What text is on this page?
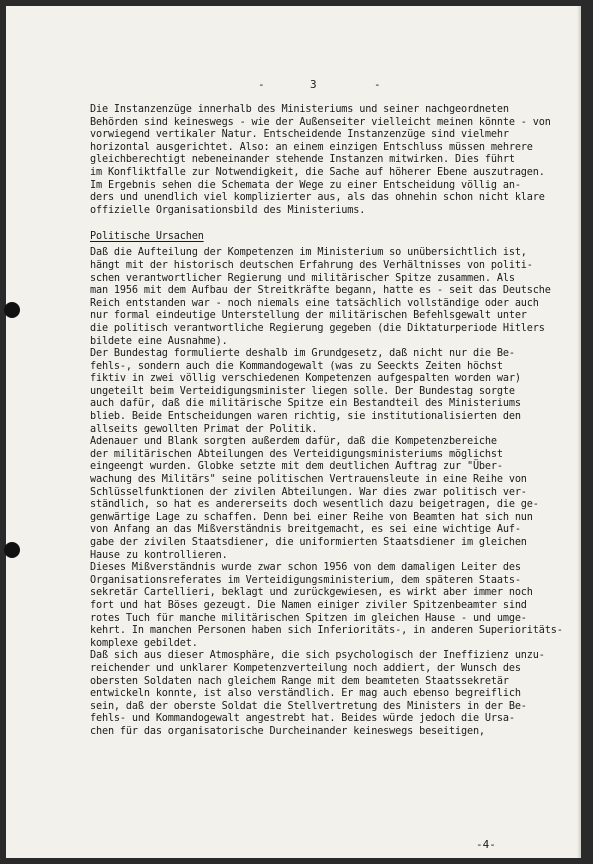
-	3	-
Die Instanzenzüge innerhalb des Ministeriums und seiner nachgeordneten
Behörden sind keineswegs - wie der Außenseiter vielleicht meinen könnte - von
vorwiegend vertikaler Natur. Entscheidende Instanzenzüge sind vielmehr
horizontal ausgerichtet. Also: an einem einzigen Entschluss müssen mehrere
gleichberechtigt nebeneinander stehende Instanzen mitwirken. Dies führt
im Konfliktfalle zur Notwendigkeit, die Sache auf höherer Ebene auszutragen.
Im Ergebnis sehen die Schemata der Wege zu einer Entscheidung völlig an-
ders und unendlich viel komplizierter aus, als das ohnehin schon nicht klare
offizielle Organisationsbild des Ministeriums.
Politische Ursachen
Daß die Aufteilung der Kompetenzen im Ministerium so unübersichtlich ist,
hängt mit der historisch deutschen Erfahrung des Verhältnisses von politi-
schen verantwortlicher Regierung und militärischer Spitze zusammen. Als
man 1956 mit dem Aufbau der Streitkräfte begann, hatte es - seit das Deutsche
Reich entstanden war - noch niemals eine tatsächlich vollständige oder auch
nur formal eindeutige Unterstellung der militärischen Befehlsgewalt unter
die politisch verantwortliche Regierung gegeben (die Diktaturperiode Hitlers
bildete eine Ausnahme).
Der Bundestag formulierte deshalb im Grundgesetz, daß nicht nur die Be-
fehls-, sondern auch die Kommandogewalt (was zu Seeckts Zeiten höchst
fiktiv in zwei völlig verschiedenen Kompetenzen aufgespalten worden war)
ungeteilt beim Verteidigungsminister liegen solle. Der Bundestag sorgte
auch dafür, daß die militärische Spitze ein Bestandteil des Ministeriums
blieb. Beide Entscheidungen waren richtig, sie institutionalisierten den
allseits gewollten Primat der Politik.
Adenauer und Blank sorgten außerdem dafür, daß die Kompetenzbereiche
der militärischen Abteilungen des Verteidigungsministeriums möglichst
eingeengt wurden. Globke setzte mit dem deutlichen Auftrag zur "Über-
wachung des Militärs" seine politischen Vertrauensleute in eine Reihe von
Schlüsselfunktionen der zivilen Abteilungen. War dies zwar politisch ver-
ständlich, so hat es andererseits doch wesentlich dazu beigetragen, die ge-
genwärtige Lage zu schaffen. Denn bei einer Reihe von Beamten hat sich nun
von Anfang an das Mißverständnis breitgemacht, es sei eine wichtige Auf-
gabe der zivilen Staatsdiener, die uniformierten Staatsdiener im gleichen
Hause zu kontrollieren.
Dieses Mißverständnis wurde zwar schon 1956 von dem damaligen Leiter des
Organisationsreferates im Verteidigungsministerium, dem späteren Staats-
sekretär Cartellieri, beklagt und zurückgewiesen, es wirkt aber immer noch
fort und hat Böses gezeugt. Die Namen einiger ziviler Spitzenbeamter sind
rotes Tuch für manche militärischen Spitzen im gleichen Hause - und umge-
kehrt. In manchen Personen haben sich Inferioritäts-, in anderen Superioritäts-
komplexe gebildet.
Daß sich aus dieser Atmosphäre, die sich psychologisch der Ineffizienz unzu-
reichender und unklarer Kompetenzverteilung noch addiert, der Wunsch des
obersten Soldaten nach gleichem Range mit dem beamteten Staatssekretär
entwickeln konnte, ist also verständlich. Er mag auch ebenso begreiflich
sein, daß der oberste Soldat die Stellvertretung des Ministers in der Be-
fehls- und Kommandogewalt angestrebt hat. Beides würde jedoch die Ursa-
chen für das organisatorische Durcheinander keineswegs beseitigen,
-4-
